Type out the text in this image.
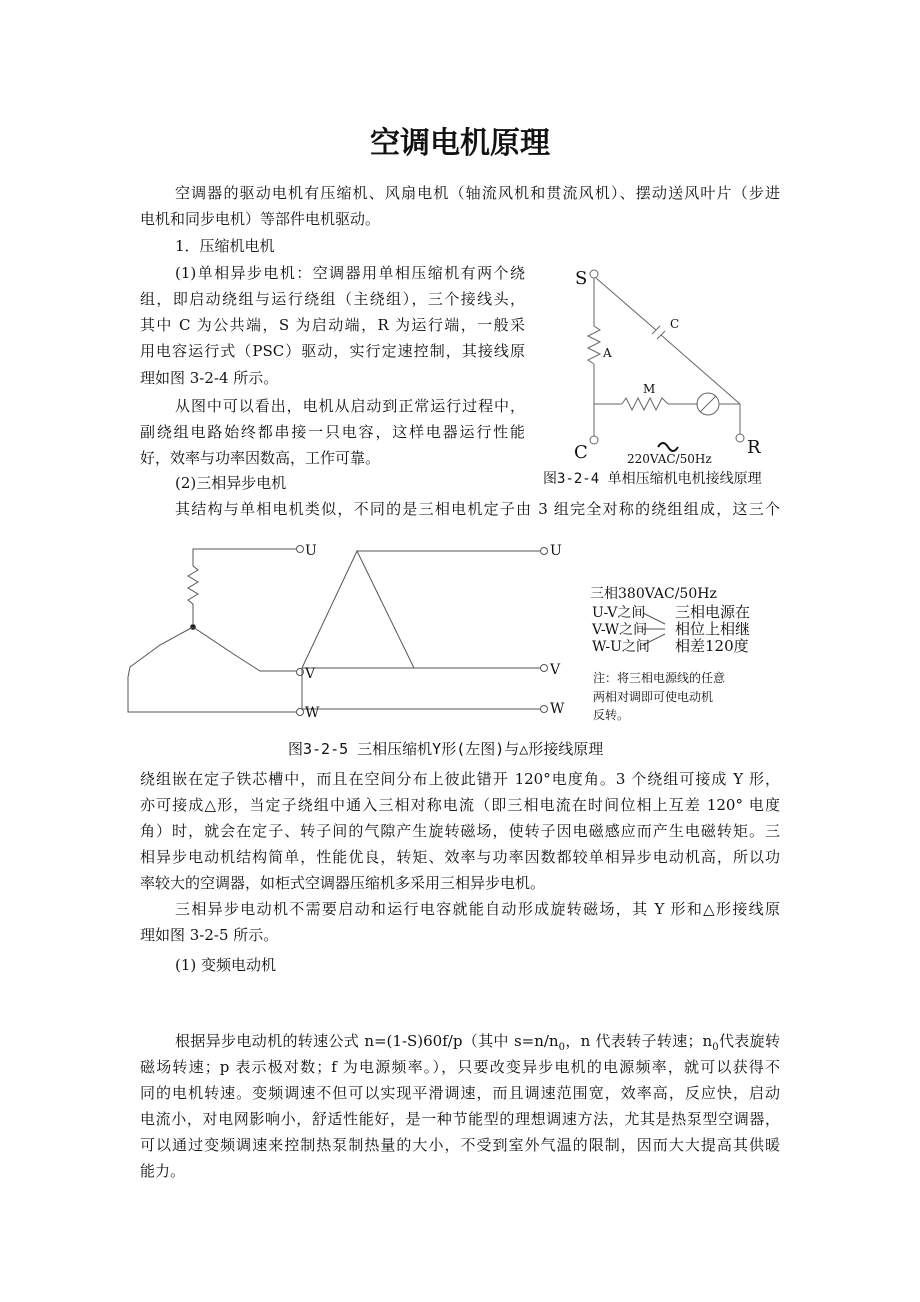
空调电机原理
空调器的驱动电机有压缩机、风扇电机（轴流风机和贯流风机）、摆动送风叶片（步进
电机和同步电机）等部件电机驱动。
1．压缩机电机
(1)单相异步电机：空调器用单相压缩机有两个绕
组，即启动绕组与运行绕组（主绕组），三个接线头，
其中 C 为公共端，S 为启动端，R 为运行端，一般采
用电容运行式（PSC）驱动，实行定速控制，其接线原
理如图 3-2-4 所示。
从图中可以看出，电机从启动到正常运行过程中，
副绕组电路始终都串接一只电容，这样电器运行性能
好，效率与功率因数高，工作可靠。
(2)三相异步电机
其结构与单相电机类似，不同的是三相电机定子由 3 组完全对称的绕组组成，这三个
S
C	R
A
C
M
220VAC/50Hz
图3-2-4 单相压缩机电机接线原理
U
V
W
U
V
W
三相380VAC/50Hz
U-V之间
V-W之间
W-U之间
三相电源在
相位上相继
相差120度
注：将三相电源线的任意
两相对调即可使电动机
反转。
图3-2-5 三相压缩机Y形(左图)与△形接线原理
绕组嵌在定子铁芯槽中，而且在空间分布上彼此错开 120°电度角。3 个绕组可接成 Y 形，
亦可接成△形，当定子绕组中通入三相对称电流（即三相电流在时间位相上互差 120° 电度
角）时，就会在定子、转子间的气隙产生旋转磁场，使转子因电磁感应而产生电磁转矩。三
相异步电动机结构简单，性能优良，转矩、效率与功率因数都较单相异步电动机高，所以功
率较大的空调器，如柜式空调器压缩机多采用三相异步电机。
三相异步电动机不需要启动和运行电容就能自动形成旋转磁场，其 Y 形和△形接线原
理如图 3-2-5 所示。
(1) 变频电动机
根据异步电动机的转速公式 n=(1-S)60f/p（其中 $s=n/n_0$，n 代表转子转速；$n_0$代表旋转
磁场转速；p 表示极对数；f 为电源频率。），只要改变异步电机的电源频率，就可以获得不
同的电机转速。变频调速不但可以实现平滑调速，而且调速范围宽，效率高，反应快，启动
电流小，对电网影响小，舒适性能好，是一种节能型的理想调速方法，尤其是热泵型空调器，
可以通过变频调速来控制热泵制热量的大小，不受到室外气温的限制，因而大大提高其供暖
能力。
